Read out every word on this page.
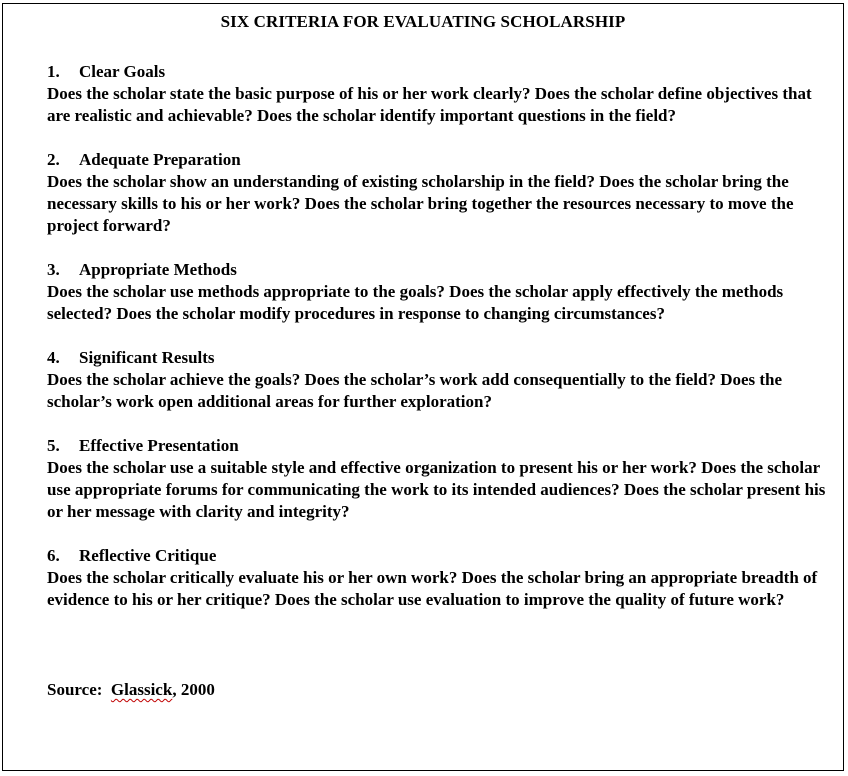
SIX CRITERIA FOR EVALUATING SCHOLARSHIP
1.	Clear Goals

Does the scholar state the basic purpose of his or her work clearly? Does the scholar define objectives that are realistic and achievable? Does the scholar identify important questions in the field?

2.	Adequate Preparation

Does the scholar show an understanding of existing scholarship in the field? Does the scholar bring the necessary skills to his or her work? Does the scholar bring together the resources necessary to move the project forward?

3.	Appropriate Methods

Does the scholar use methods appropriate to the goals? Does the scholar apply effectively the methods selected? Does the scholar modify procedures in response to changing circumstances?

4.	Significant Results

Does the scholar achieve the goals? Does the scholar’s work add consequentially to the field? Does the scholar’s work open additional areas for further exploration?

5.	Effective Presentation

Does the scholar use a suitable style and effective organization to present his or her work? Does the scholar use appropriate forums for communicating the work to its intended audiences? Does the scholar present his or her message with clarity and integrity?

6.	Reflective Critique

Does the scholar critically evaluate his or her own work? Does the scholar bring an appropriate breadth of evidence to his or her critique? Does the scholar use evaluation to improve the quality of future work?

Source: Glassick, 2000
